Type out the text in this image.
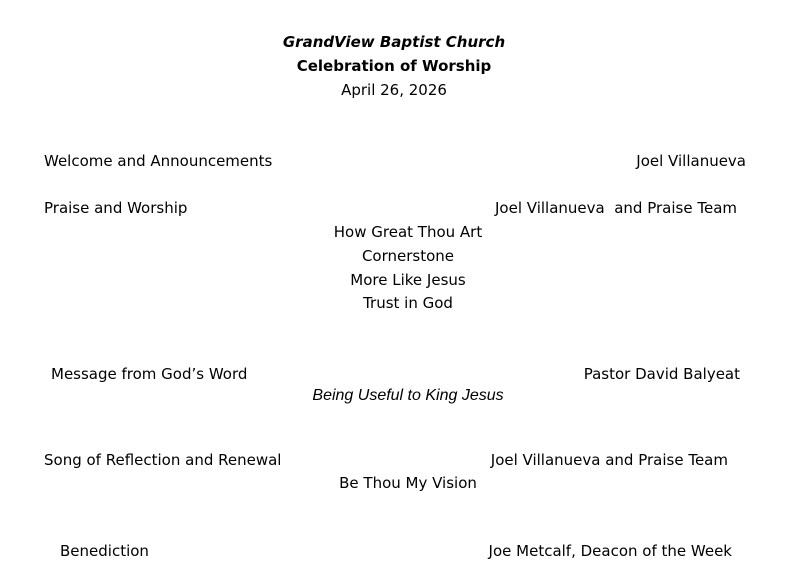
GrandView Baptist Church
Celebration of Worship
April 26, 2026
Welcome and Announcements	Joel Villanueva
Praise and Worship	Joel Villanueva  and Praise Team
How Great Thou Art
Cornerstone
More Like Jesus
Trust in God
Message from God’s Word	Pastor David Balyeat
Being Useful to King Jesus
Song of Reflection and Renewal	Joel Villanueva and Praise Team
Be Thou My Vision
Benediction	Joe Metcalf, Deacon of the Week
